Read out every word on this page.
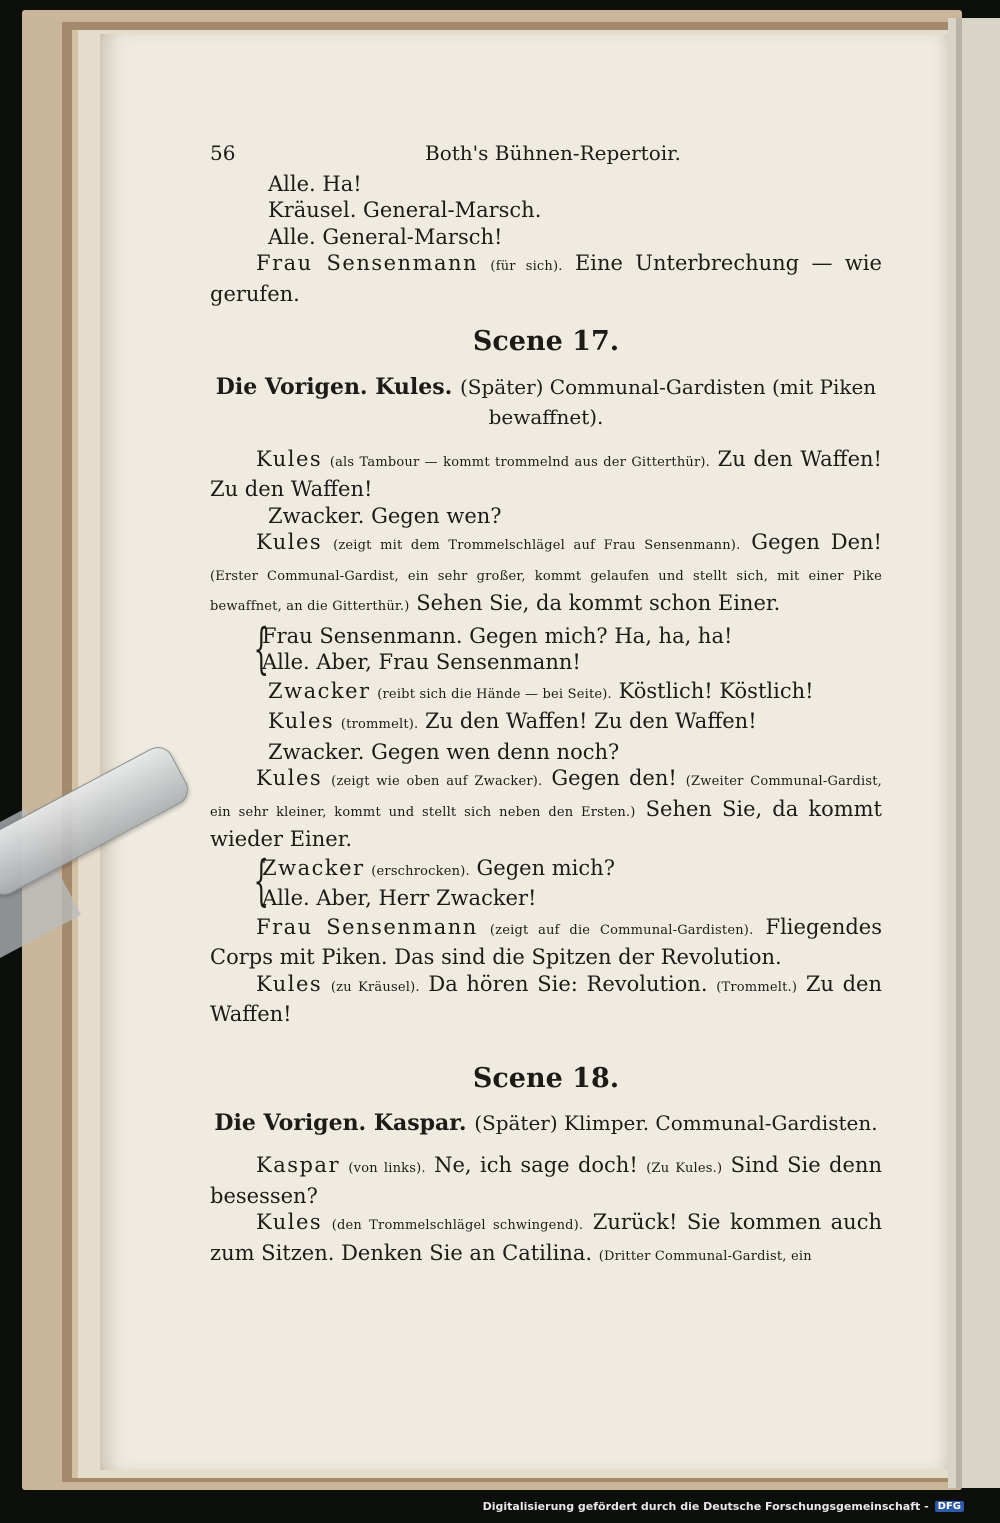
56	Both's Bühnen-Repertoir.

Alle. Ha!

Kräusel. General-Marsch.

Alle. General-Marsch!

Frau Sensenmann (für sich). Eine Unterbrechung — wie gerufen.

Scene 17.
Die Vorigen. Kules. (Später) Communal-Gardisten (mit Piken bewaffnet).

Kules (als Tambour — kommt trommelnd aus der Gitterthür). Zu den Waffen! Zu den Waffen!

Zwacker. Gegen wen?

Kules (zeigt mit dem Trommelschlägel auf Frau Sensenmann). Gegen Den! (Erster Communal-Gardist, ein sehr großer, kommt gelaufen und stellt sich, mit einer Pike bewaffnet, an die Gitterthür.) Sehen Sie, da kommt schon Einer.

{

Frau Sensenmann. Gegen mich? Ha, ha, ha!

Alle. Aber, Frau Sensenmann!

Zwacker (reibt sich die Hände — bei Seite). Köstlich! Köstlich!

Kules (trommelt). Zu den Waffen! Zu den Waffen!

Zwacker. Gegen wen denn noch?

Kules (zeigt wie oben auf Zwacker). Gegen den! (Zweiter Communal-Gardist, ein sehr kleiner, kommt und stellt sich neben den Ersten.) Sehen Sie, da kommt wieder Einer.

{

Zwacker (erschrocken). Gegen mich?

Alle. Aber, Herr Zwacker!

Frau Sensenmann (zeigt auf die Communal-Gardisten). Fliegendes Corps mit Piken. Das sind die Spitzen der Revolution.

Kules (zu Kräusel). Da hören Sie: Revolution. (Trommelt.) Zu den Waffen!

Scene 18.
Die Vorigen. Kaspar. (Später) Klimper. Communal-Gardisten.

Kaspar (von links). Ne, ich sage doch! (Zu Kules.) Sind Sie denn besessen?

Kules (den Trommelschlägel schwingend). Zurück! Sie kommen auch zum Sitzen. Denken Sie an Catilina. (Dritter Communal-Gardist, ein

Digitalisierung gefördert durch die Deutsche Forschungsgemeinschaft - DFG
